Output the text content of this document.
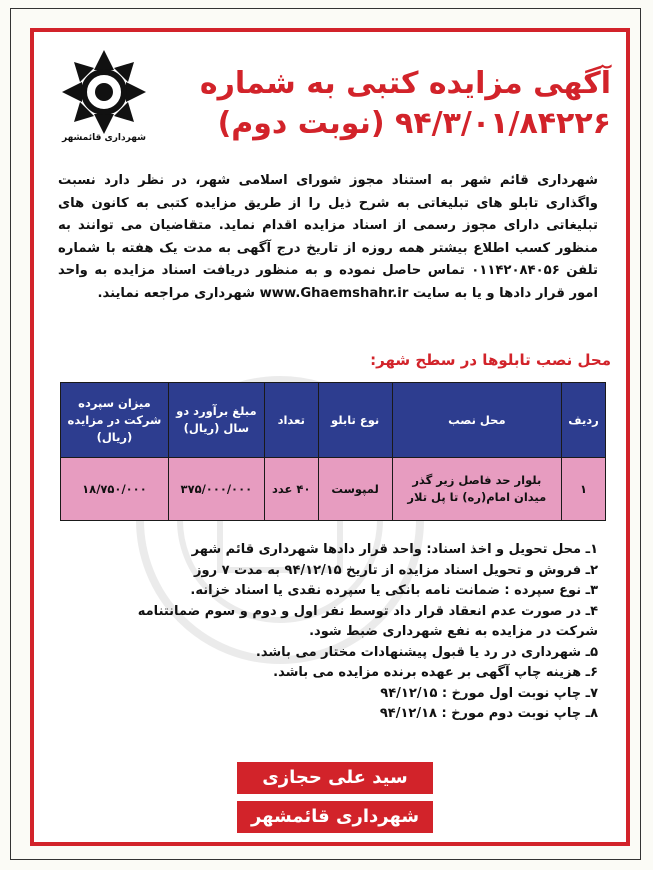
شهرداری قائمشهر
آگهی مزایده کتبی به شماره
۹۴/۳/۰۱/۸۴۲۲۶ (نوبت دوم)
شهرداری قائم شهر به استناد مجوز شورای اسلامی شهر، در نظر دارد نسبت واگذاری تابلو های تبلیغاتی به شرح ذیل را از طریق مزایده کتبی به کانون های تبلیغاتی دارای مجوز رسمی از اسناد مزایده اقدام نماید. متقاضیان می توانند به منظور کسب اطلاع بیشتر همه روزه از تاریخ درج آگهی به مدت یک هفته با شماره تلفن ۰۱۱۴۲۰۸۴۰۵۶ تماس حاصل نموده و به منظور دریافت اسناد مزایده به واحد امور قرار دادها و یا به سایت www.Ghaemshahr.ir شهرداری مراجعه نمایند.
محل نصب تابلوها در سطح شهر:
ردیف	محل نصب	نوع تابلو	تعداد	مبلغ برآورد دو سال (ریال)	میزان سپرده شرکت در مزایده (ریال)
۱	بلوار حد فاصل زیر گذر میدان امام(ره) تا پل تلار	لمپوست	۴۰ عدد	۳۷۵/۰۰۰/۰۰۰	۱۸/۷۵۰/۰۰۰
۱ـ محل تحویل و اخذ اسناد: واحد قرار دادها شهرداری قائم شهر
۲ـ فروش و تحویل اسناد مزایده از تاریخ ۹۴/۱۲/۱۵ به مدت ۷ روز
۳ـ نوع سپرده : ضمانت نامه بانکی یا سپرده نقدی یا اسناد خزانه.
۴ـ در صورت عدم انعقاد قرار داد توسط نفر اول و دوم و سوم ضمانتنامه
شرکت در مزایده به نفع شهرداری ضبط شود.
۵ـ شهرداری در رد یا قبول پیشنهادات مختار می باشد.
۶ـ هزینه چاپ آگهی بر عهده برنده مزایده می باشد.
۷ـ چاپ نوبت اول مورخ : ۹۴/۱۲/۱۵
۸ـ چاپ نوبت دوم مورخ : ۹۴/۱۲/۱۸
سید علی حجازی
شهرداری قائمشهر
